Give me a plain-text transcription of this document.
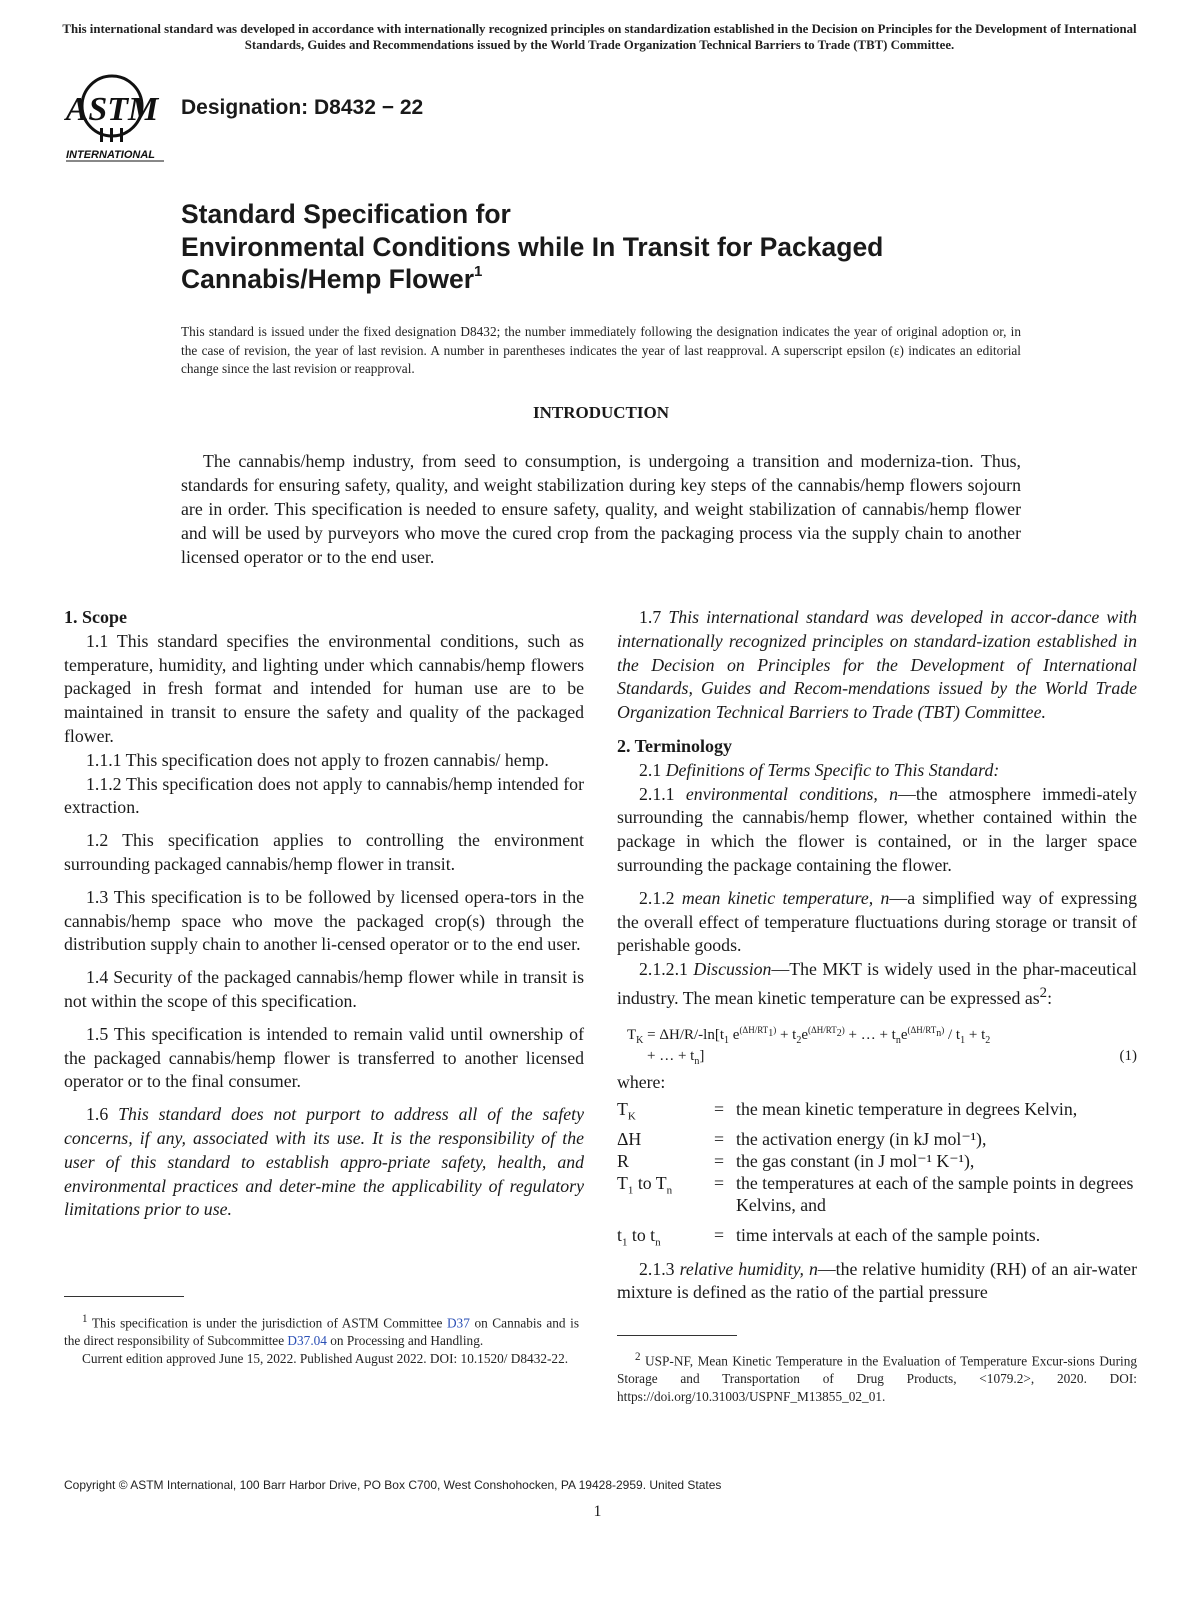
This international standard was developed in accordance with internationally recognized principles on standardization established in the Decision on Principles for the Development of International Standards, Guides and Recommendations issued by the World Trade Organization Technical Barriers to Trade (TBT) Committee.
ASTM
INTERNATIONAL
Designation: D8432 − 22
Standard Specification for
Environmental Conditions while In Transit for Packaged
Cannabis/Hemp Flower$^1$
This standard is issued under the fixed designation D8432; the number immediately following the designation indicates the year of original adoption or, in the case of revision, the year of last revision. A number in parentheses indicates the year of last reapproval. A superscript epsilon (ε) indicates an editorial change since the last revision or reapproval.
INTRODUCTION
The cannabis/hemp industry, from seed to consumption, is undergoing a transition and moderniza-tion. Thus, standards for ensuring safety, quality, and weight stabilization during key steps of the cannabis/hemp flowers sojourn are in order. This specification is needed to ensure safety, quality, and weight stabilization of cannabis/hemp flower and will be used by purveyors who move the cured crop from the packaging process via the supply chain to another licensed operator or to the end user.

1. Scope

1.1 This standard specifies the environmental conditions, such as temperature, humidity, and lighting under which cannabis/hemp flowers packaged in fresh format and intended for human use are to be maintained in transit to ensure the safety and quality of the packaged flower.

1.1.1 This specification does not apply to frozen cannabis/ hemp.

1.1.2 This specification does not apply to cannabis/hemp intended for extraction.

1.2 This specification applies to controlling the environment surrounding packaged cannabis/hemp flower in transit.

1.3 This specification is to be followed by licensed opera-tors in the cannabis/hemp space who move the packaged crop(s) through the distribution supply chain to another li-censed operator or to the end user.

1.4 Security of the packaged cannabis/hemp flower while in transit is not within the scope of this specification.

1.5 This specification is intended to remain valid until ownership of the packaged cannabis/hemp flower is transferred to another licensed operator or to the final consumer.

1.6 This standard does not purport to address all of the safety concerns, if any, associated with its use. It is the responsibility of the user of this standard to establish appro-priate safety, health, and environmental practices and deter-mine the applicability of regulatory limitations prior to use.

1.7 This international standard was developed in accor-dance with internationally recognized principles on standard-ization established in the Decision on Principles for the Development of International Standards, Guides and Recom-mendations issued by the World Trade Organization Technical Barriers to Trade (TBT) Committee.

2. Terminology

2.1 Definitions of Terms Specific to This Standard:

2.1.1 environmental conditions, n—the atmosphere immedi-ately surrounding the cannabis/hemp flower, whether contained within the package in which the flower is contained, or in the larger space surrounding the package containing the flower.

2.1.2 mean kinetic temperature, n—a simplified way of expressing the overall effect of temperature fluctuations during storage or transit of perishable goods.

2.1.2.1 Discussion—The MKT is widely used in the phar-maceutical industry. The mean kinetic temperature can be expressed $as^2$:

$T_K = \Delta H/R/-\ln[t_1$ $e^{(\Delta H/RT_1)} + t_2e^{(\Delta H/RT_2)}$ + … + $t_ne^{(\Delta H/RT_n)} / t_1 + t_2$
+ … + $t_n$]	(1)

where:

$T_K$	=	the mean kinetic temperature in degrees Kelvin,
ΔH	=	the activation energy (in kJ mol⁻¹),
R	=	the gas constant (in J mol⁻¹ K⁻¹),
$T_1$ to $T_n$	=	the temperatures at each of the sample points in degrees Kelvins, and
$t_1$ to $t_n$	=	time intervals at each of the sample points.

2.1.3 relative humidity, n—the relative humidity (RH) of an air-water mixture is defined as the ratio of the partial pressure

$^1$ This specification is under the jurisdiction of ASTM Committee D37 on Cannabis and is the direct responsibility of Subcommittee D37.04 on Processing and Handling.

Current edition approved June 15, 2022. Published August 2022. DOI: 10.1520/ D8432-22.	$^2$ USP-NF, Mean Kinetic Temperature in the Evaluation of Temperature Excur-sions During Storage and Transportation of Drug Products, <1079.2>, 2020. DOI: https://doi.org/10.31003/USPNF_M13855_02_01.

Copyright © ASTM International, 100 Barr Harbor Drive, PO Box C700, West Conshohocken, PA 19428-2959. United States
1
